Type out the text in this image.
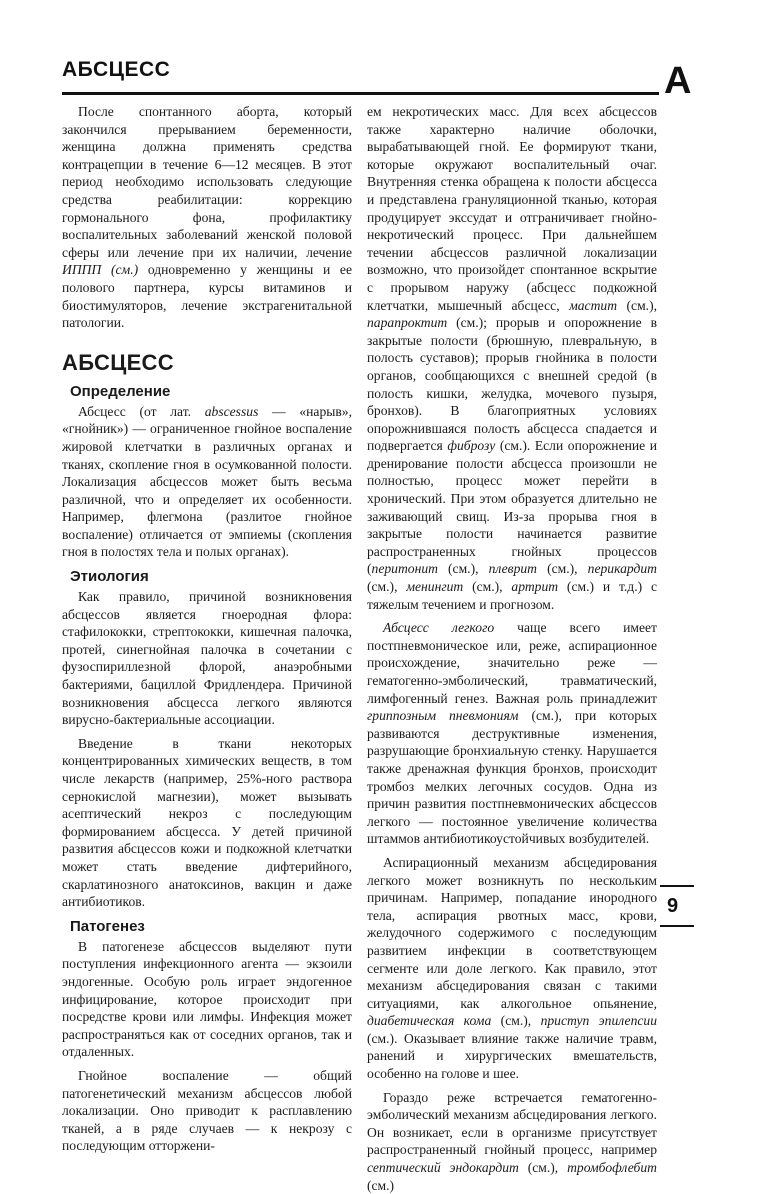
АБСЦЕСС	А

После спонтанного аборта, который закончился прерыванием беременности, женщина должна применять средства контрацепции в течение 6—12 месяцев. В этот период необходимо использовать следующие средства реабилитации: коррекцию гормонального фона, профилактику воспалительных заболеваний женской половой сферы или лечение при их наличии, лечение ИППП (см.) одновременно у женщины и ее полового партнера, курсы витаминов и биостимуляторов, лечение экстрагенитальной патологии.

АБСЦЕСС
Определение

Абсцесс (от лат. abscessus — «нарыв», «гнойник») — ограниченное гнойное воспаление жировой клетчатки в различных органах и тканях, скопление гноя в осумкованной полости. Локализация абсцессов может быть весьма различной, что и определяет их особенности. Например, флегмона (разлитое гнойное воспаление) отличается от эмпиемы (скопления гноя в полостях тела и полых органах).

Этиология

Как правило, причиной возникновения абсцессов является гноеродная флора: стафилококки, стрептококки, кишечная палочка, протей, синегнойная палочка в сочетании с фузоспириллезной флорой, анаэробными бактериями, бациллой Фридлендера. Причиной возникновения абсцесса легкого являются вирусно-бактериальные ассоциации.

Введение в ткани некоторых концентрированных химических веществ, в том числе лекарств (например, 25%-ного раствора сернокислой магнезии), может вызывать асептический некроз с последующим формированием абсцесса. У детей причиной развития абсцессов кожи и подкожной клетчатки может стать введение дифтерийного, скарлатинозного анатоксинов, вакцин и даже антибиотиков.

Патогенез

В патогенезе абсцессов выделяют пути поступления инфекционного агента — экзоили эндогенные. Особую роль играет эндогенное инфицирование, которое происходит при посредстве крови или лимфы. Инфекция может распространяться как от соседних органов, так и отдаленных.

Гнойное воспаление — общий патогенетический механизм абсцессов любой локализации. Оно приводит к расплавлению тканей, а в ряде случаев — к некрозу с последующим отторжени-

ем некротических масс. Для всех абсцессов также характерно наличие оболочки, вырабатывающей гной. Ее формируют ткани, которые окружают воспалительный очаг. Внутренняя стенка обращена к полости абсцесса и представлена грануляционной тканью, которая продуцирует экссудат и отграничивает гнойно-некротический процесс. При дальнейшем течении абсцессов различной локализации возможно, что произойдет спонтанное вскрытие с прорывом наружу (абсцесс подкожной клетчатки, мышечный абсцесс, мастит (см.), парапроктит (см.); прорыв и опорожнение в закрытые полости (брюшную, плевральную, в полость суставов); прорыв гнойника в полости органов, сообщающихся с внешней средой (в полость кишки, желудка, мочевого пузыря, бронхов). В благоприятных условиях опорожнившаяся полость абсцесса спадается и подвергается фиброзу (см.). Если опорожнение и дренирование полости абсцесса произошли не полностью, процесс может перейти в хронический. При этом образуется длительно не заживающий свищ. Из-за прорыва гноя в закрытые полости начинается развитие распространенных гнойных процессов (перитонит (см.), плеврит (см.), перикардит (см.), менингит (см.), артрит (см.) и т.д.) с тяжелым течением и прогнозом.

Абсцесс легкого чаще всего имеет постпневмоническое или, реже, аспирационное происхождение, значительно реже — гематогенно-эмболический, травматический, лимфогенный генез. Важная роль принадлежит гриппозным пневмониям (см.), при которых развиваются деструктивные изменения, разрушающие бронхиальную стенку. Нарушается также дренажная функция бронхов, происходит тромбоз мелких легочных сосудов. Одна из причин развития постпневмонических абсцессов легкого — постоянное увеличение количества штаммов антибиотикоустойчивых возбудителей.

Аспирационный механизм абсцедирования легкого может возникнуть по нескольким причинам. Например, попадание инородного тела, аспирация рвотных масс, крови, желудочного содержимого с последующим развитием инфекции в соответствующем сегменте или доле легкого. Как правило, этот механизм абсцедирования связан с такими ситуациями, как алкогольное опьянение, диабетическая кома (см.), приступ эпилепсии (см.). Оказывает влияние также наличие травм, ранений и хирургических вмешательств, особенно на голове и шее.

Гораздо реже встречается гематогенно-эмболический механизм абсцедирования легкого. Он возникает, если в организме присутствует распространенный гнойный процесс, например септический эндокардит (см.), тромбофлебит (см.)

9
